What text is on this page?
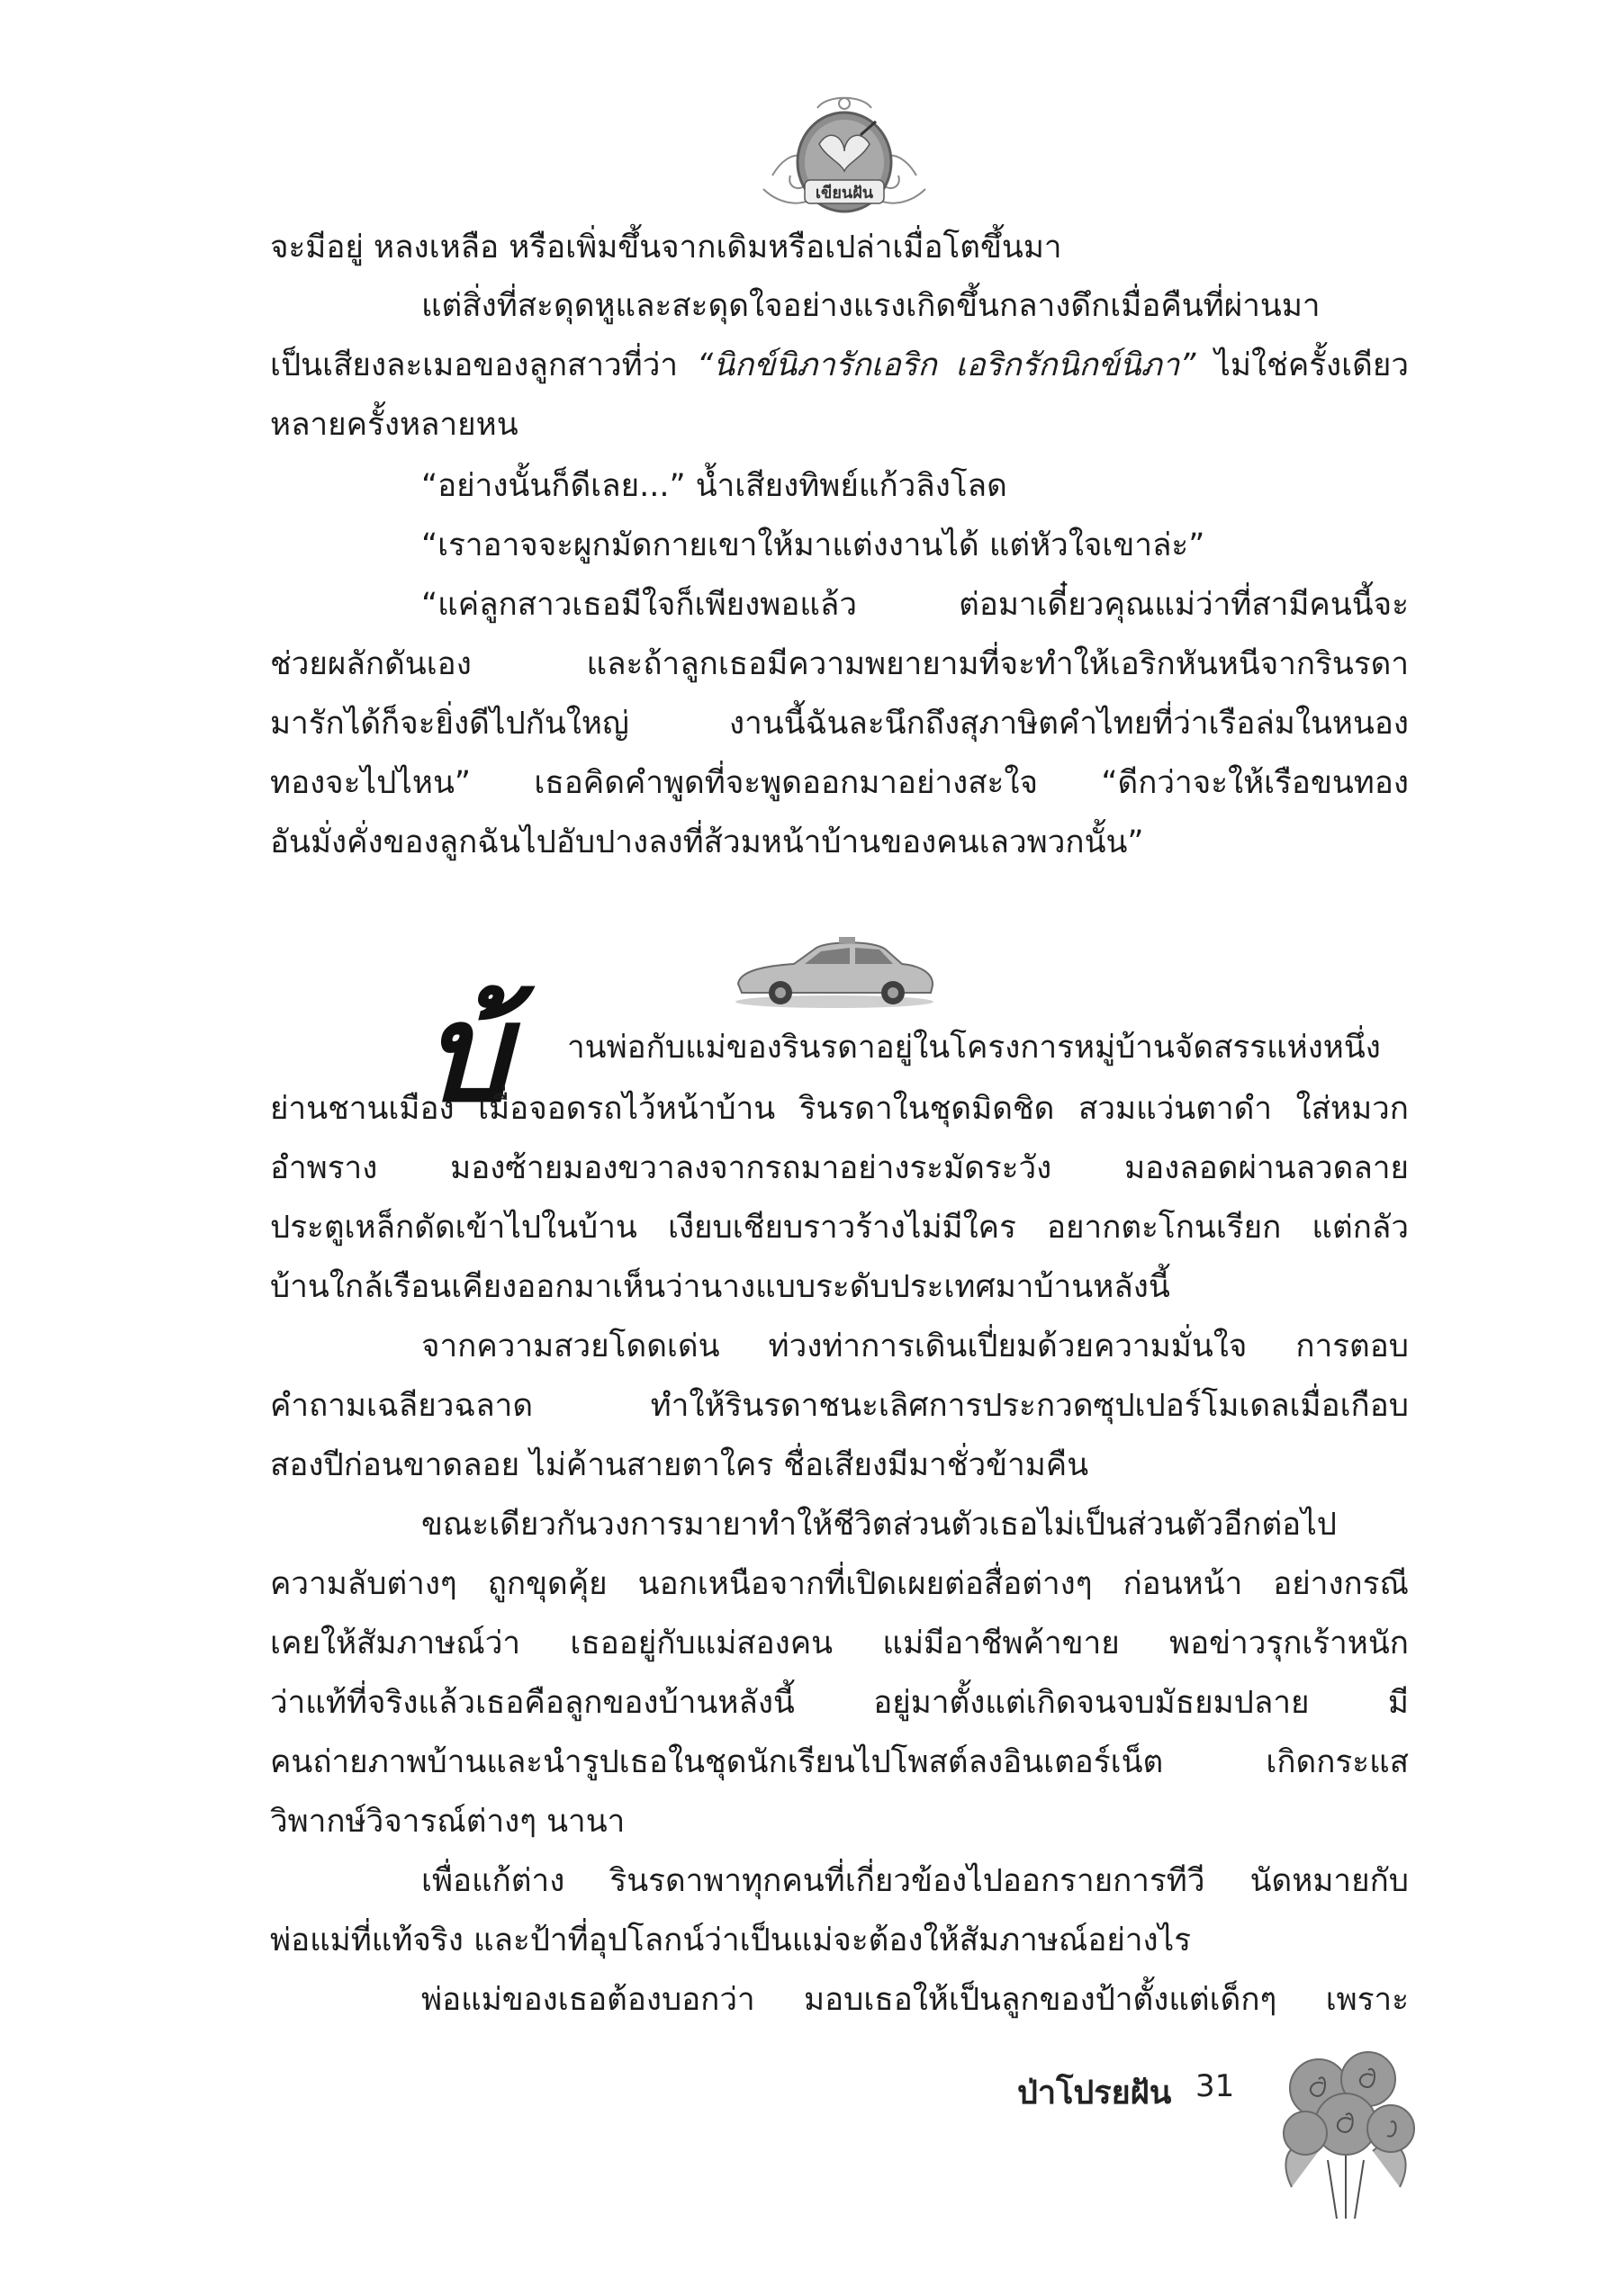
เขียนฝัน
จะมีอยู่ หลงเหลือ หรือเพิ่มขึ้นจากเดิมหรือเปล่าเมื่อโตขึ้นมา
แต่สิ่งที่สะดุดหูและสะดุดใจอย่างแรงเกิดขึ้นกลางดึกเมื่อคืนที่ผ่านมา
เป็นเสียงละเมอของลูกสาวที่ว่า “นิกข์นิภารักเอริก เอริกรักนิกข์นิภา” ไม่ใช่ครั้งเดียว
หลายครั้งหลายหน
“อย่างนั้นก็ดีเลย...” น้ำเสียงทิพย์แก้วลิงโลด
“เราอาจจะผูกมัดกายเขาให้มาแต่งงานได้ แต่หัวใจเขาล่ะ”
“แค่ลูกสาวเธอมีใจก็เพียงพอแล้ว ต่อมาเดี๋ยวคุณแม่ว่าที่สามีคนนี้จะ
ช่วยผลักดันเอง และถ้าลูกเธอมีความพยายามที่จะทำให้เอริกหันหนีจากรินรดา
มารักได้ก็จะยิ่งดีไปกันใหญ่ งานนี้ฉันละนึกถึงสุภาษิตคำไทยที่ว่าเรือล่มในหนอง
ทองจะไปไหน” เธอคิดคำพูดที่จะพูดออกมาอย่างสะใจ “ดีกว่าจะให้เรือขนทอง
อันมั่งคั่งของลูกฉันไปอับปางลงที่ส้วมหน้าบ้านของคนเลวพวกนั้น”
บ้ านพ่อกับแม่ของรินรดาอยู่ในโครงการหมู่บ้านจัดสรรแห่งหนึ่ง
ย่านชานเมือง เมื่อจอดรถไว้หน้าบ้าน รินรดาในชุดมิดชิด สวมแว่นตาดำ ใส่หมวก
อำพราง มองซ้ายมองขวาลงจากรถมาอย่างระมัดระวัง มองลอดผ่านลวดลาย
ประตูเหล็กดัดเข้าไปในบ้าน เงียบเชียบราวร้างไม่มีใคร อยากตะโกนเรียก แต่กลัว
บ้านใกล้เรือนเคียงออกมาเห็นว่านางแบบระดับประเทศมาบ้านหลังนี้
จากความสวยโดดเด่น ท่วงท่าการเดินเปี่ยมด้วยความมั่นใจ การตอบ
คำถามเฉลียวฉลาด ทำให้รินรดาชนะเลิศการประกวดซุปเปอร์โมเดลเมื่อเกือบ
สองปีก่อนขาดลอย ไม่ค้านสายตาใคร ชื่อเสียงมีมาชั่วข้ามคืน
ขณะเดียวกันวงการมายาทำให้ชีวิตส่วนตัวเธอไม่เป็นส่วนตัวอีกต่อไป
ความลับต่างๆ ถูกขุดคุ้ย นอกเหนือจากที่เปิดเผยต่อสื่อต่างๆ ก่อนหน้า อย่างกรณี
เคยให้สัมภาษณ์ว่า เธออยู่กับแม่สองคน แม่มีอาชีพค้าขาย พอข่าวรุกเร้าหนัก
ว่าแท้ที่จริงแล้วเธอคือลูกของบ้านหลังนี้ อยู่มาตั้งแต่เกิดจนจบมัธยมปลาย มี
คนถ่ายภาพบ้านและนำรูปเธอในชุดนักเรียนไปโพสต์ลงอินเตอร์เน็ต เกิดกระแส
วิพากษ์วิจารณ์ต่างๆ นานา
เพื่อแก้ต่าง รินรดาพาทุกคนที่เกี่ยวข้องไปออกรายการทีวี นัดหมายกับ
พ่อแม่ที่แท้จริง และป้าที่อุปโลกน์ว่าเป็นแม่จะต้องให้สัมภาษณ์อย่างไร
พ่อแม่ของเธอต้องบอกว่า มอบเธอให้เป็นลูกของป้าตั้งแต่เด็กๆ เพราะ
ป่าโปรยฝัน 31
